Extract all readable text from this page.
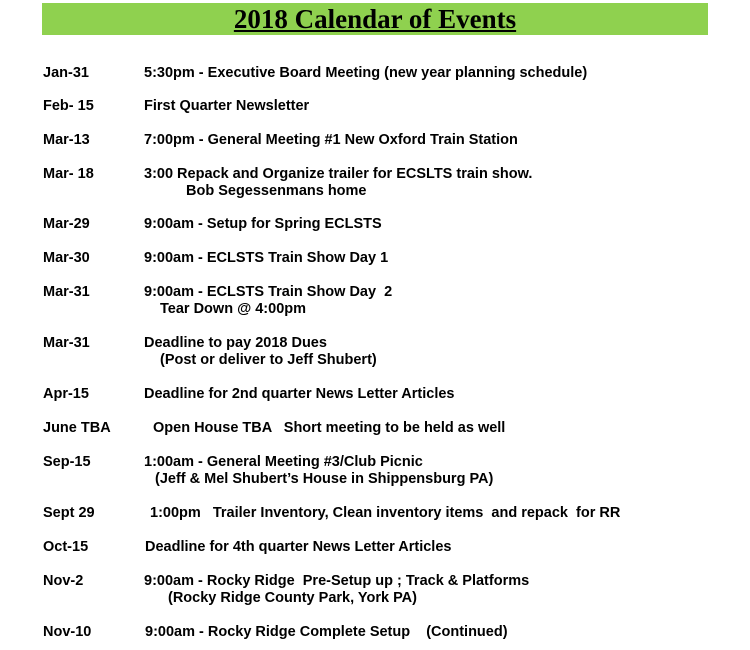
2018 Calendar of Events
Jan-31	5:30pm - Executive Board Meeting (new year planning schedule)
Feb- 15	First Quarter Newsletter
Mar-13	7:00pm - General Meeting #1 New Oxford Train Station
Mar- 18	3:00 Repack and Organize trailer for ECSLTS train show.
Bob Segessenmans home
Mar-29	9:00am - Setup for Spring ECLSTS
Mar-30	9:00am - ECLSTS Train Show Day 1
Mar-31	9:00am - ECLSTS Train Show Day  2
Tear Down @ 4:00pm
Mar-31	Deadline to pay 2018 Dues
(Post or deliver to Jeff Shubert)
Apr-15	Deadline for 2nd quarter News Letter Articles
June TBA	Open House TBA   Short meeting to be held as well
Sep-15	1:00am - General Meeting #3/Club Picnic
(Jeff & Mel Shubert’s House in Shippensburg PA)
Sept 29	1:00pm   Trailer Inventory, Clean inventory items  and repack  for RR
Oct-15	Deadline for 4th quarter News Letter Articles
Nov-2	9:00am - Rocky Ridge  Pre-Setup up ; Track & Platforms
(Rocky Ridge County Park, York PA)
Nov-10	9:00am - Rocky Ridge Complete Setup    (Continued)
